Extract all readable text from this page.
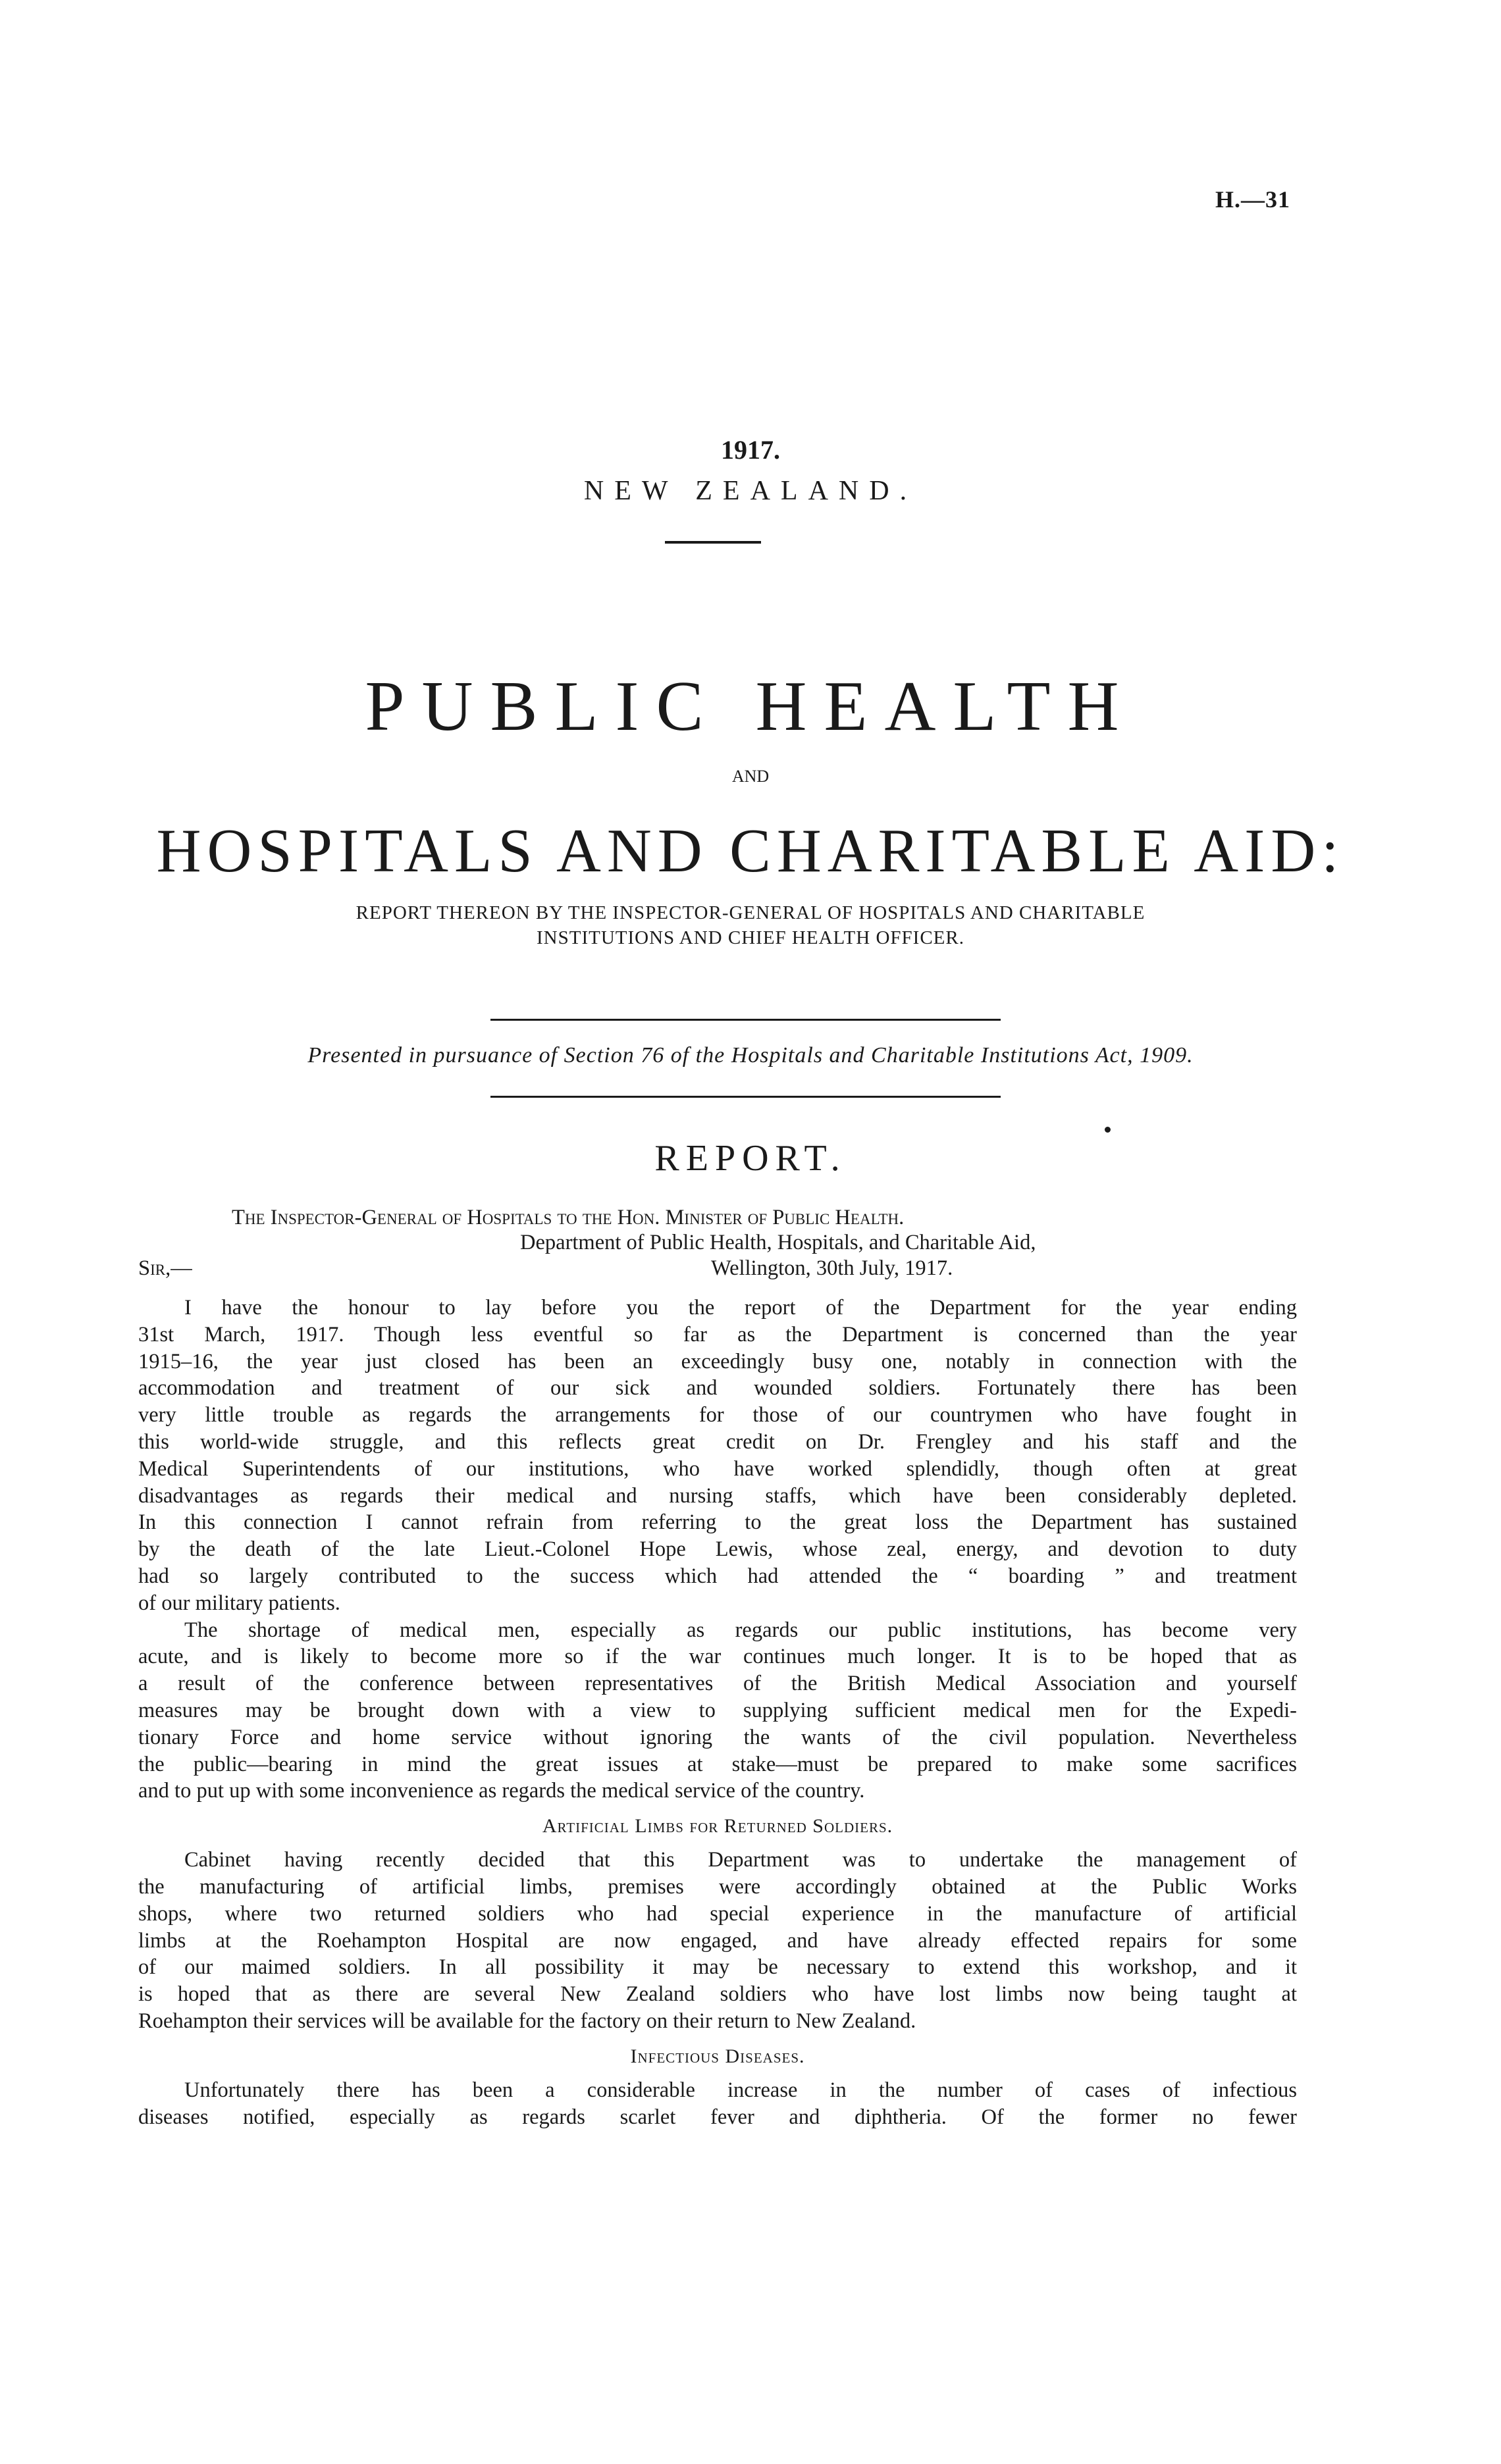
H.—31
1917.
NEW ZEALAND.
PUBLIC HEALTH
AND
HOSPITALS AND CHARITABLE AID:
REPORT THEREON BY THE INSPECTOR-GENERAL OF HOSPITALS AND CHARITABLE
INSTITUTIONS AND CHIEF HEALTH OFFICER.
Presented in pursuance of Section 76 of the Hospitals and Charitable Institutions Act, 1909.
REPORT.
The Inspector-General of Hospitals to the Hon. Minister of Public Health.
Department of Public Health, Hospitals, and Charitable Aid,
Sir,—	Wellington, 30th July, 1917.

I have the honour to lay before you the report of the Department for the year ending

31st March, 1917. Though less eventful so far as the Department is concerned than the year

1915–16, the year just closed has been an exceedingly busy one, notably in connection with the

accommodation and treatment of our sick and wounded soldiers. Fortunately there has been

very little trouble as regards the arrangements for those of our countrymen who have fought in

this world-wide struggle, and this reflects great credit on Dr. Frengley and his staff and the

Medical Superintendents of our institutions, who have worked splendidly, though often at great

disadvantages as regards their medical and nursing staffs, which have been considerably depleted.

In this connection I cannot refrain from referring to the great loss the Department has sustained

by the death of the late Lieut.-Colonel Hope Lewis, whose zeal, energy, and devotion to duty

had so largely contributed to the success which had attended the “ boarding ” and treatment

of our military patients.

The shortage of medical men, especially as regards our public institutions, has become very

acute, and is likely to become more so if the war continues much longer. It is to be hoped that as

a result of the conference between representatives of the British Medical Association and yourself

measures may be brought down with a view to supplying sufficient medical men for the Expedi-

tionary Force and home service without ignoring the wants of the civil population. Nevertheless

the public—bearing in mind the great issues at stake—must be prepared to make some sacrifices

and to put up with some inconvenience as regards the medical service of the country.

Artificial Limbs for Returned Soldiers.

Cabinet having recently decided that this Department was to undertake the management of

the manufacturing of artificial limbs, premises were accordingly obtained at the Public Works

shops, where two returned soldiers who had special experience in the manufacture of artificial

limbs at the Roehampton Hospital are now engaged, and have already effected repairs for some

of our maimed soldiers. In all possibility it may be necessary to extend this workshop, and it

is hoped that as there are several New Zealand soldiers who have lost limbs now being taught at

Roehampton their services will be available for the factory on their return to New Zealand.

Infectious Diseases.

Unfortunately there has been a considerable increase in the number of cases of infectious

diseases notified, especially as regards scarlet fever and diphtheria. Of the former no fewer
